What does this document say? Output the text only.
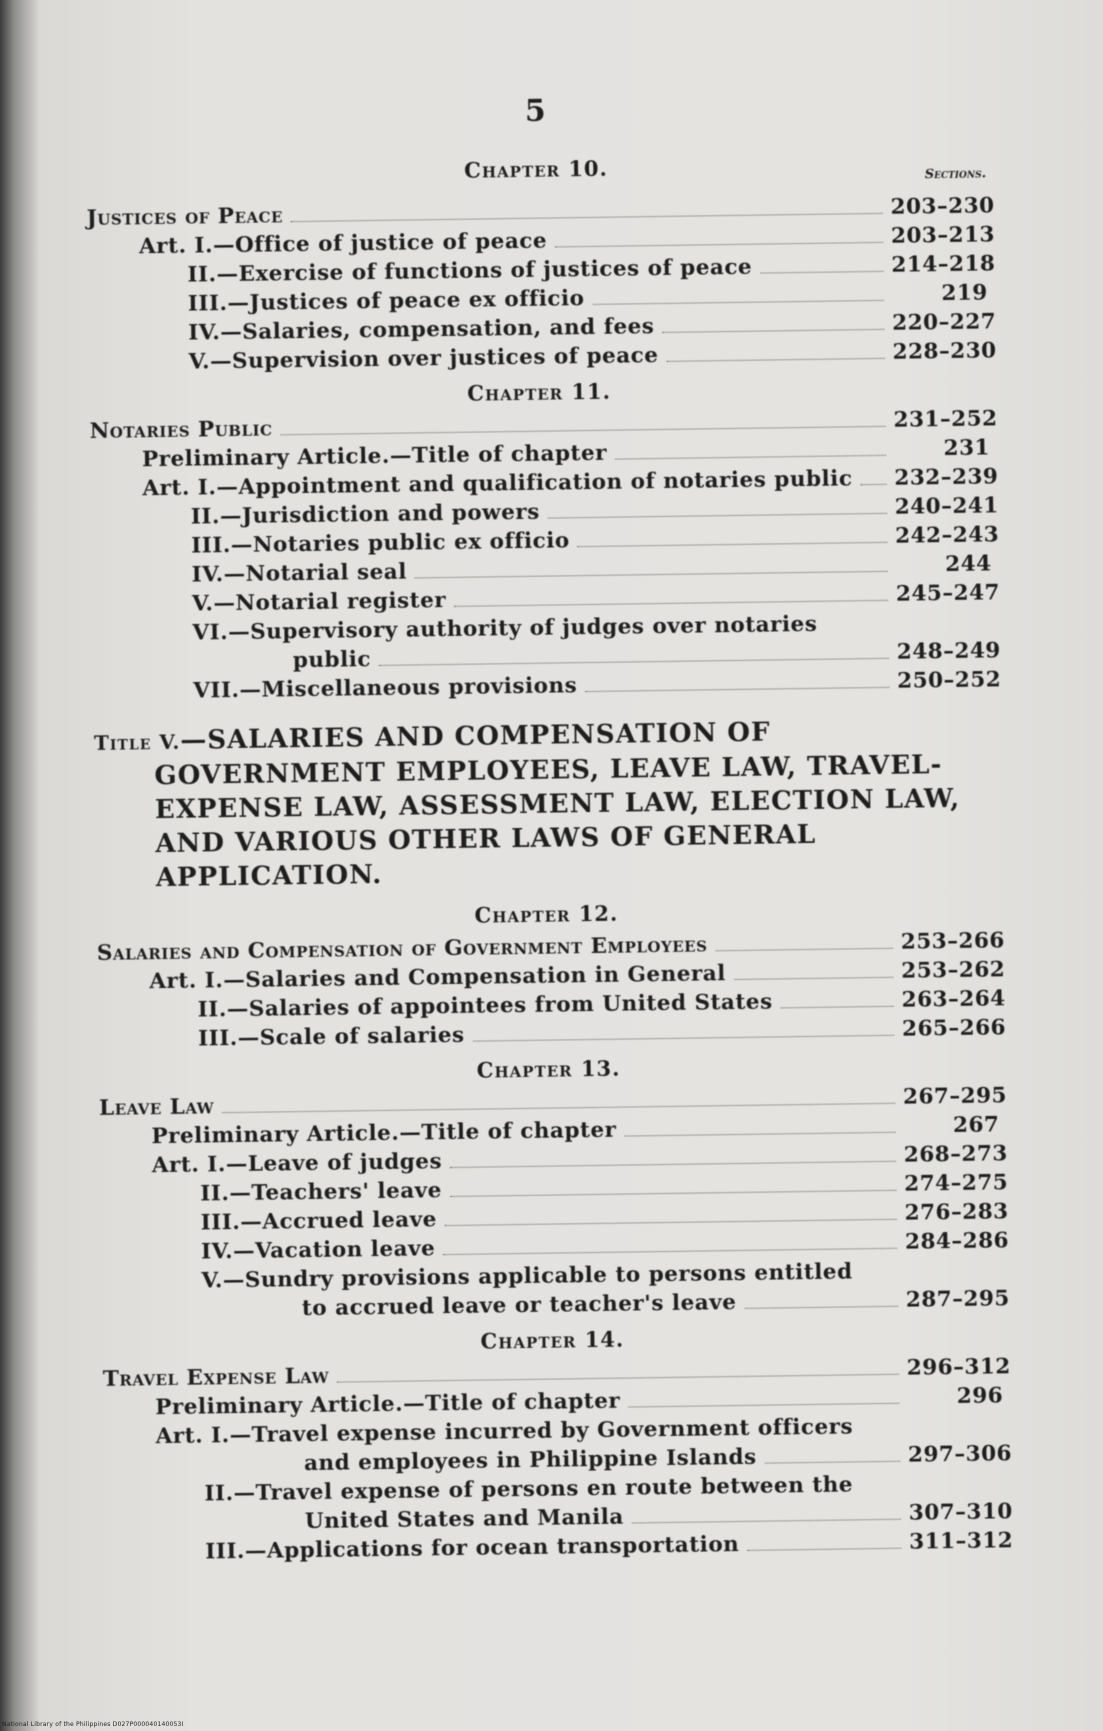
5
Chapter 10.	Sections.
Justices of Peace	203–230
Art. I.—Office of justice of peace	203–213
II.—Exercise of functions of justices of peace	214–218
III.—Justices of peace ex officio	219
IV.—Salaries, compensation, and fees	220–227
V.—Supervision over justices of peace	228–230
Chapter 11.
Notaries Public	231–252
Preliminary Article.—Title of chapter	231
Art. I.—Appointment and qualification of notaries public 232–239
II.—Jurisdiction and powers	240–241
III.—Notaries public ex officio	242–243
IV.—Notarial seal	244
V.—Notarial register	245–247
VI.—Supervisory authority of judges over notaries
public	248–249
VII.—Miscellaneous provisions	250–252
Title V.—SALARIES AND COMPENSATION OF GOVERNMENT EMPLOYEES, LEAVE LAW, TRAVEL-EXPENSE LAW, ASSESSMENT LAW, ELECTION LAW, AND VARIOUS OTHER LAWS OF GENERAL APPLICATION.
Chapter 12.
Salaries and Compensation of Government Employees	253–266
Art. I.—Salaries and Compensation in General	253–262
II.—Salaries of appointees from United States	263–264
III.—Scale of salaries	265–266
Chapter 13.
Leave Law	267–295
Preliminary Article.—Title of chapter	267
Art. I.—Leave of judges	268–273
II.—Teachers' leave	274–275
III.—Accrued leave	276–283
IV.—Vacation leave	284–286
V.—Sundry provisions applicable to persons entitled
to accrued leave or teacher's leave	287–295
Chapter 14.
Travel Expense Law	296–312
Preliminary Article.—Title of chapter	296
Art. I.—Travel expense incurred by Government officers
and employees in Philippine Islands	297–306
II.—Travel expense of persons en route between the
United States and Manila	307–310
III.—Applications for ocean transportation	311–312
National Library of the Philippines D027P000040140053I
